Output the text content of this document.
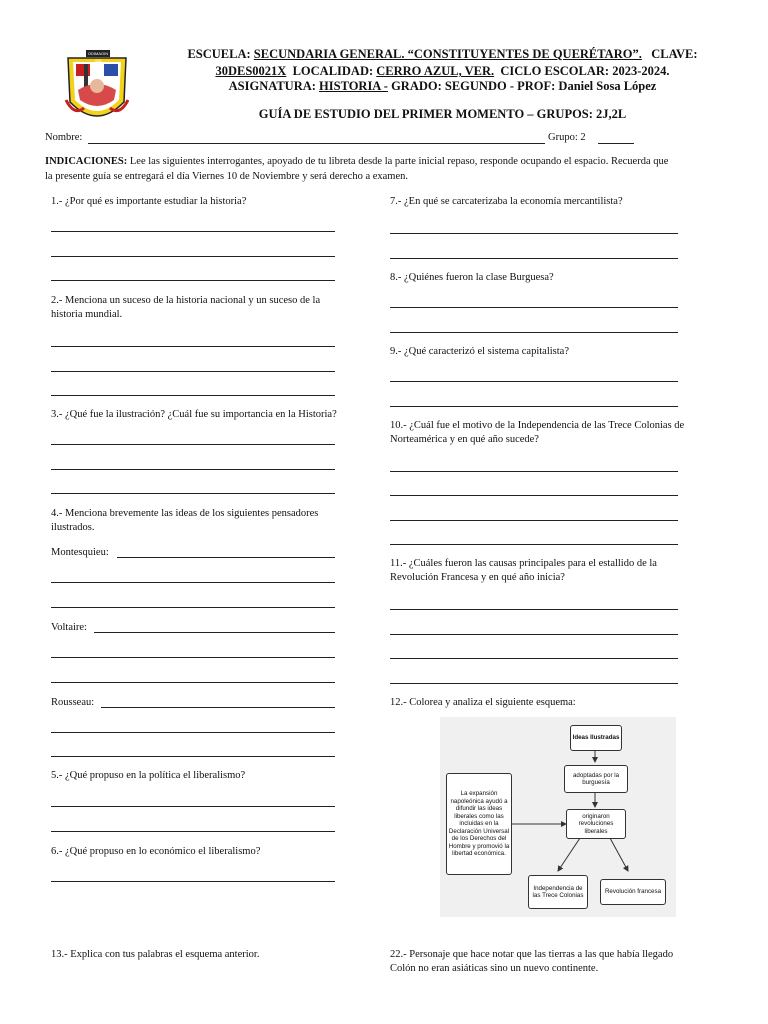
ODIMAGIN 408	ESCUELA: SECUNDARIA GENERAL. “CONSTITUYENTES DE QUERÉTARO”. CLAVE:
30DES0021X LOCALIDAD: CERRO AZUL, VER. CICLO ESCOLAR: 2023-2024.
ASIGNATURA: HISTORIA - GRADO: SEGUNDO - PROF: Daniel Sosa López
GUÍA DE ESTUDIO DEL PRIMER MOMENTO – GRUPOS: 2J,2L
Nombre:	Grupo: 2
INDICACIONES: Lee las siguientes interrogantes, apoyado de tu libreta desde la parte inicial repaso, responde ocupando el espacio. Recuerda que
la presente guía se entregará el día Viernes 10 de Noviembre y será derecho a examen.
1.- ¿Por qué es importante estudiar la historia?
2.- Menciona un suceso de la historia nacional y un suceso de la
historia mundial.
3.- ¿Qué fue la ilustración? ¿Cuál fue su importancia en la Historia?
4.- Menciona brevemente las ideas de los siguientes pensadores
ilustrados.
Montesquieu:
Voltaire:
Rousseau:
5.- ¿Qué propuso en la política el liberalismo?
6.- ¿Qué propuso en lo económico el liberalismo?
13.- Explica con tus palabras el esquema anterior.
7.- ¿En qué se carcaterizaba la economía mercantilista?
8.- ¿Quiénes fueron la clase Burguesa?
9.- ¿Qué caracterizó el sistema capitalista?
10.- ¿Cuál fue el motivo de la Independencia de las Trece Colonias de
Norteamérica y en qué año sucede?
11.- ¿Cuáles fueron las causas principales para el estallido de la
Revolución Francesa y en qué año inicia?
12.- Colorea y analiza el siguiente esquema:
Ideas Ilustradas
adoptadas por la burguesía
originaron revoluciones liberales
La expansión napoleónica ayudó a difundir las ideas liberales como las incluidas en la Declaración Universal de los Derechos del Hombre y promovió la libertad económica.
Independencia de las Trece Colonias
Revolución francesa
22.- Personaje que hace notar que las tierras a las que había llegado
Colón no eran asiáticas sino un nuevo continente.
